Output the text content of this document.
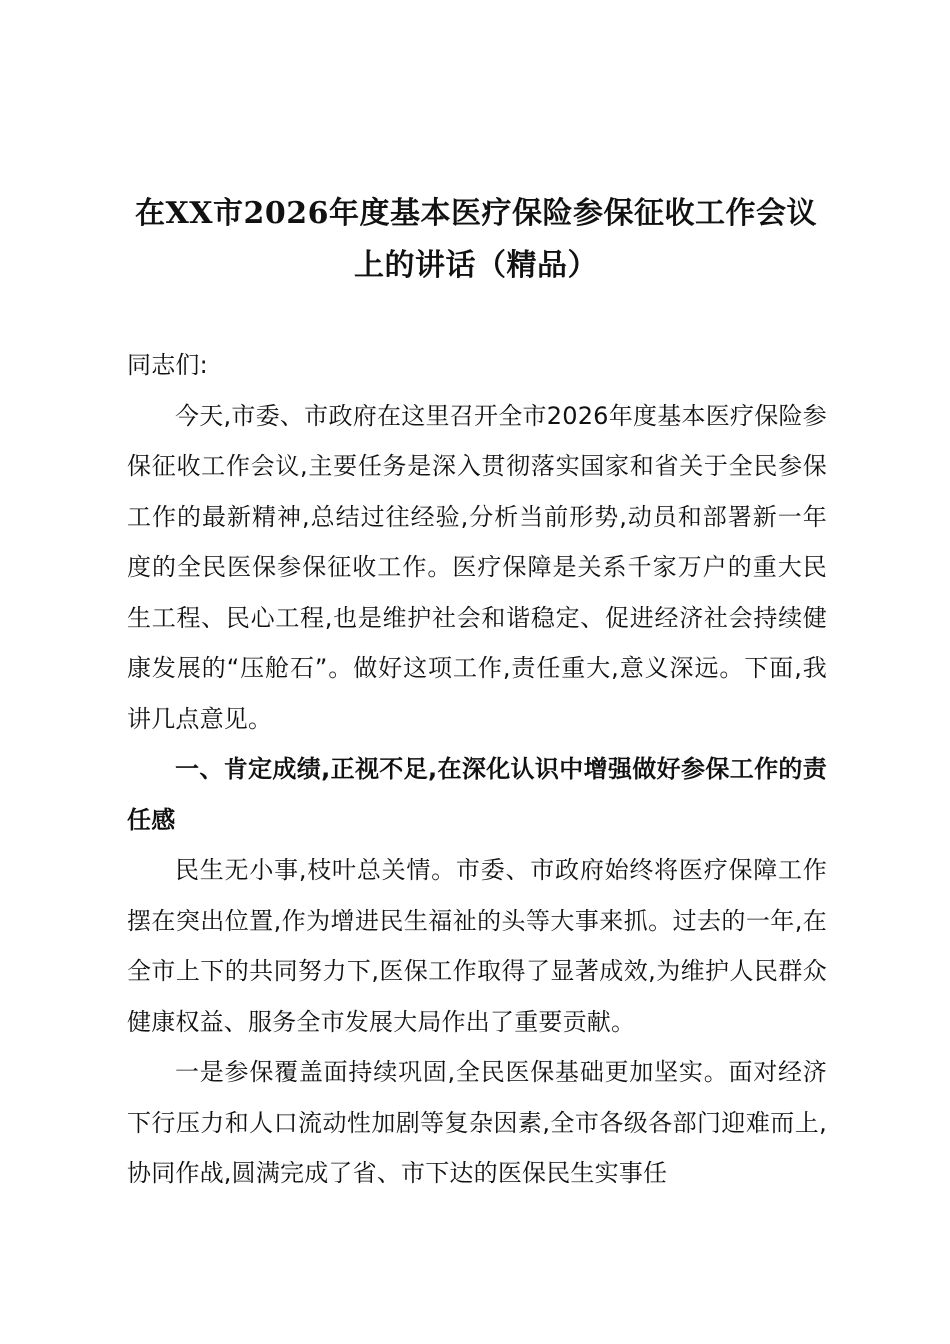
在XX市2026年度基本医疗保险参保征收工作会议上的讲话（精品）

同志们:

今天,市委、市政府在这里召开全市2026年度基本医疗保险参保征收工作会议,主要任务是深入贯彻落实国家和省关于全民参保工作的最新精神,总结过往经验,分析当前形势,动员和部署新一年度的全民医保参保征收工作。医疗保障是关系千家万户的重大民生工程、民心工程,也是维护社会和谐稳定、促进经济社会持续健康发展的“压舱石”。做好这项工作,责任重大,意义深远。下面,我讲几点意见。

一、肯定成绩,正视不足,在深化认识中增强做好参保工作的责任感

民生无小事,枝叶总关情。市委、市政府始终将医疗保障工作摆在突出位置,作为增进民生福祉的头等大事来抓。过去的一年,在全市上下的共同努力下,医保工作取得了显著成效,为维护人民群众健康权益、服务全市发展大局作出了重要贡献。

一是参保覆盖面持续巩固,全民医保基础更加坚实。面对经济下行压力和人口流动性加剧等复杂因素,全市各级各部门迎难而上,协同作战,圆满完成了省、市下达的医保民生实事任
